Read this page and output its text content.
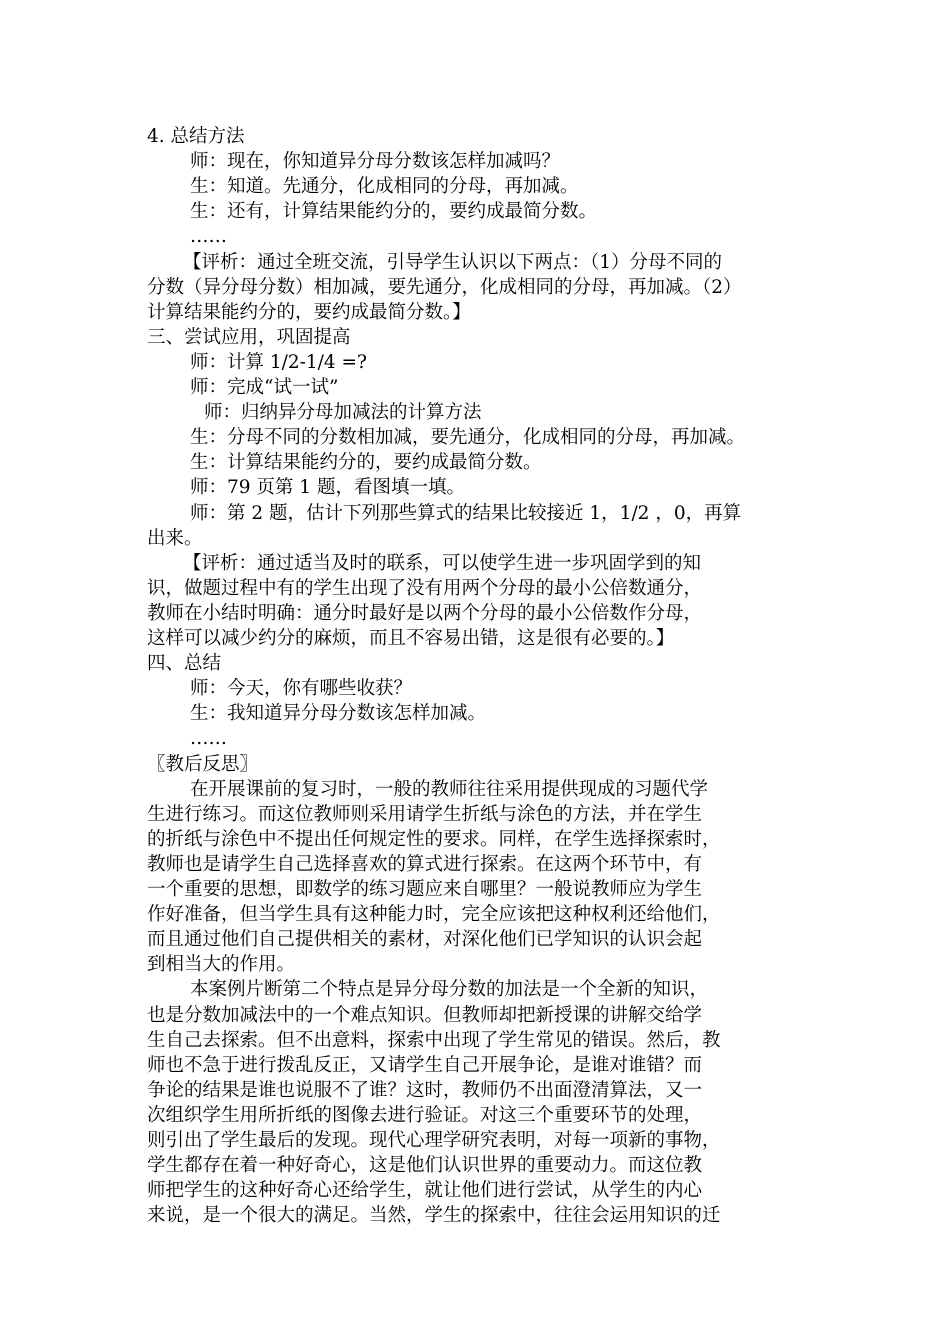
4. 总结方法
师：现在，你知道异分母分数该怎样加减吗？
生：知道。先通分，化成相同的分母，再加减。
生：还有，计算结果能约分的，要约成最简分数。
……
【评析：通过全班交流，引导学生认识以下两点：（1）分母不同的
分数（异分母分数）相加减，要先通分，化成相同的分母，再加减。（2）
计算结果能约分的，要约成最简分数。】
三、尝试应用，巩固提高
师：计算 1/2-1/4 =?
师：完成“试一试”
师：归纳异分母加减法的计算方法
生：分母不同的分数相加减，要先通分，化成相同的分母，再加减。
生：计算结果能约分的，要约成最简分数。
师：79 页第 1 题，看图填一填。
师：第 2 题，估计下列那些算式的结果比较接近 1，1/2 ，0，再算
出来。
【评析：通过适当及时的联系，可以使学生进一步巩固学到的知
识，做题过程中有的学生出现了没有用两个分母的最小公倍数通分，
教师在小结时明确：通分时最好是以两个分母的最小公倍数作分母，
这样可以减少约分的麻烦，而且不容易出错，这是很有必要的。】
四、总结
师：今天，你有哪些收获？
生：我知道异分母分数该怎样加减。
……
〖教后反思〗
在开展课前的复习时，一般的教师往往采用提供现成的习题代学
生进行练习。而这位教师则采用请学生折纸与涂色的方法，并在学生
的折纸与涂色中不提出任何规定性的要求。同样，在学生选择探索时，
教师也是请学生自己选择喜欢的算式进行探索。在这两个环节中，有
一个重要的思想，即数学的练习题应来自哪里？一般说教师应为学生
作好准备，但当学生具有这种能力时，完全应该把这种权利还给他们，
而且通过他们自己提供相关的素材，对深化他们已学知识的认识会起
到相当大的作用。
本案例片断第二个特点是异分母分数的加法是一个全新的知识，
也是分数加减法中的一个难点知识。但教师却把新授课的讲解交给学
生自己去探索。但不出意料，探索中出现了学生常见的错误。然后，教
师也不急于进行拨乱反正，又请学生自己开展争论，是谁对谁错？而
争论的结果是谁也说服不了谁？这时，教师仍不出面澄清算法，又一
次组织学生用所折纸的图像去进行验证。对这三个重要环节的处理，
则引出了学生最后的发现。现代心理学研究表明，对每一项新的事物，
学生都存在着一种好奇心，这是他们认识世界的重要动力。而这位教
师把学生的这种好奇心还给学生，就让他们进行尝试，从学生的内心
来说，是一个很大的满足。当然，学生的探索中，往往会运用知识的迁
